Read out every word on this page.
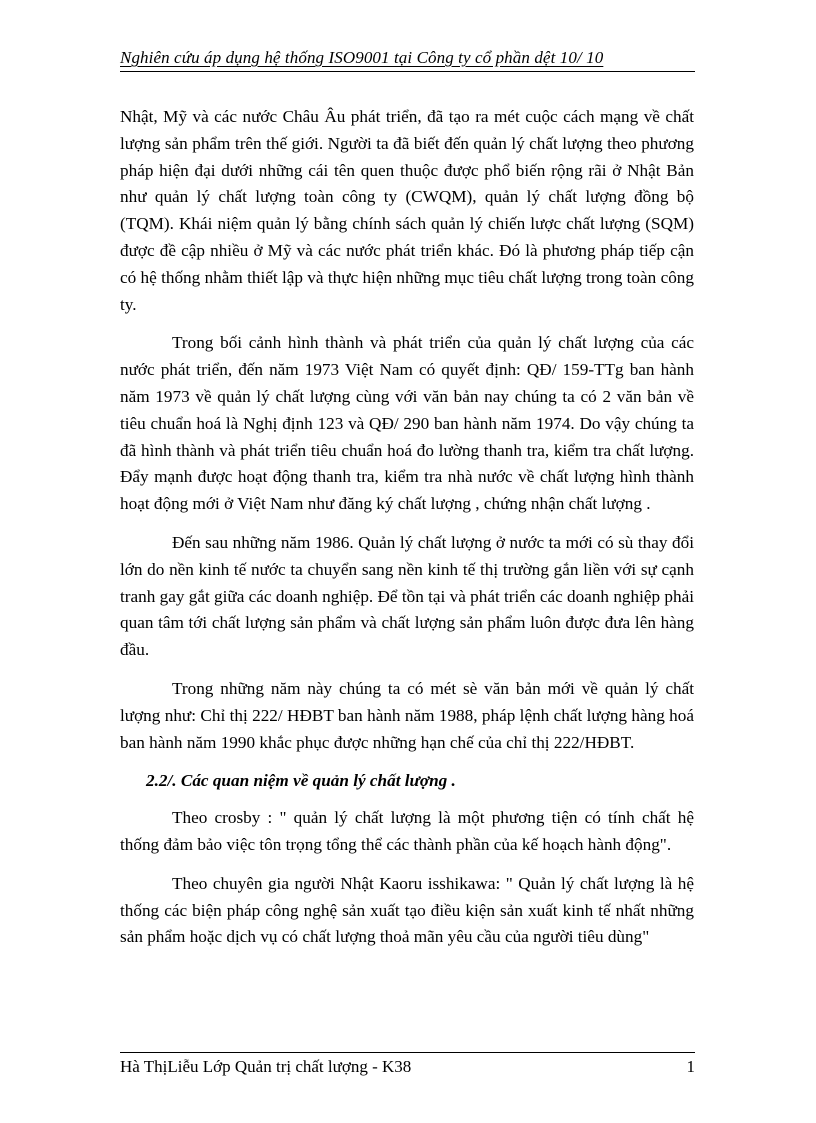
Nghiên cứu áp dụng hệ thống ISO9001 tại Công ty cổ phần dệt 10/ 10

Nhật, Mỹ và các nước Châu Âu phát triển, đã tạo ra mét cuộc cách mạng về chất lượng sản phẩm trên thế giới. Người ta đã biết đến quản lý chất lượng theo phương pháp hiện đại dưới những cái tên quen thuộc được phổ biến rộng rãi ở Nhật Bản như quản lý chất lượng toàn công ty (CWQM), quản lý chất lượng đồng bộ (TQM). Khái niệm quản lý bằng chính sách quản lý chiến lược chất lượng (SQM) được đề cập nhiều ở Mỹ và các nước phát triển khác. Đó là phương pháp tiếp cận có hệ thống nhằm thiết lập và thực hiện những mục tiêu chất lượng trong toàn công ty.

Trong bối cảnh hình thành và phát triển của quản lý chất lượng của các nước phát triển, đến năm 1973 Việt Nam có quyết định: QĐ/ 159-TTg ban hành năm 1973 về quản lý chất lượng cùng với văn bản nay chúng ta có 2 văn bản về tiêu chuẩn hoá là Nghị định 123 và QĐ/ 290 ban hành năm 1974. Do vậy chúng ta đã hình thành và phát triển tiêu chuẩn hoá đo lường thanh tra, kiểm tra chất lượng. Đẩy mạnh được hoạt động thanh tra, kiểm tra nhà nước về chất lượng hình thành hoạt động mới ở Việt Nam như đăng ký chất lượng , chứng nhận chất lượng .

Đến sau những năm 1986. Quản lý chất lượng ở nước ta mới có sù thay đổi lớn do nền kinh tế nước ta chuyển sang nền kinh tế thị trường gắn liền với sự cạnh tranh gay gắt giữa các doanh nghiệp. Để tồn tại và phát triển các doanh nghiệp phải quan tâm tới chất lượng sản phẩm và chất lượng sản phẩm luôn được đưa lên hàng đầu.

Trong những năm này chúng ta có mét sè văn bản mới về quản lý chất lượng như: Chỉ thị 222/ HĐBT ban hành năm 1988, pháp lệnh chất lượng hàng hoá ban hành năm 1990 khắc phục được những hạn chế của chỉ thị 222/HĐBT.

2.2/. Các quan niệm về quản lý chất lượng .

Theo crosby : " quản lý chất lượng là một phương tiện có tính chất hệ thống đảm bảo việc tôn trọng tổng thể các thành phần của kế hoạch hành động".

Theo chuyên gia người Nhật Kaoru isshikawa: " Quản lý chất lượng là hệ thống các biện pháp công nghệ sản xuất tạo điều kiện sản xuất kinh tế nhất những sản phẩm hoặc dịch vụ có chất lượng thoả mãn yêu cầu của người tiêu dùng"

Hà ThịLiễu Lớp Quản trị chất lượng - K38	1
